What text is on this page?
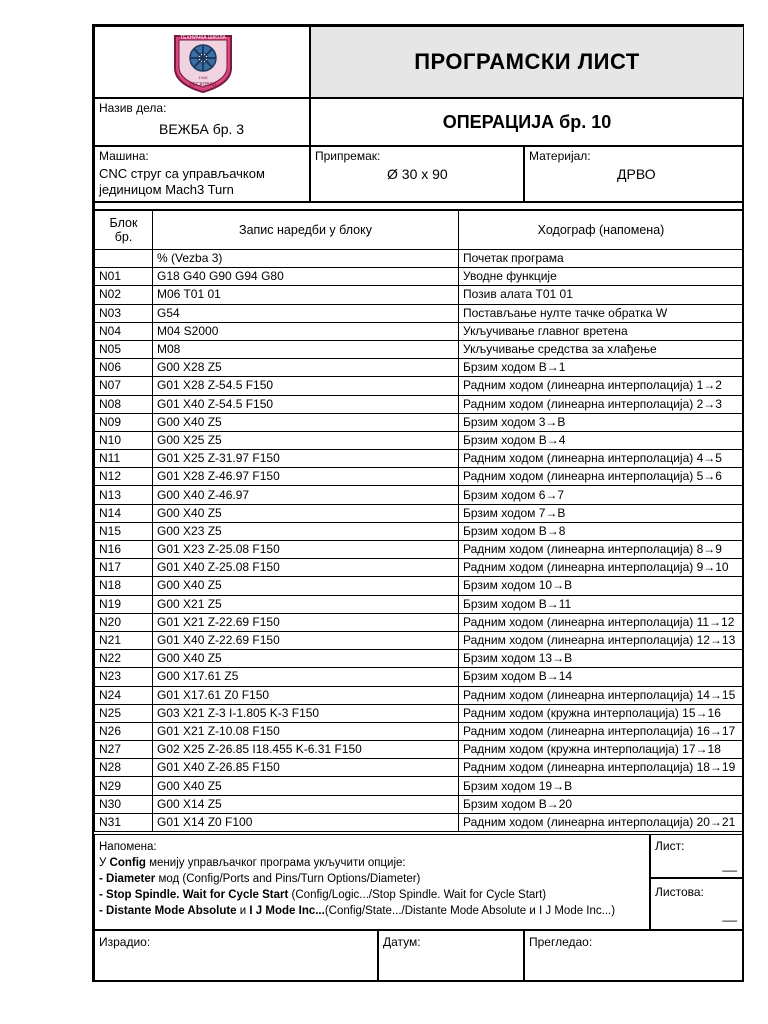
ТЕХНИЧКА ШКОЛА
1946
ЛЕСКОВАЦ
ПРОГРАМСКИ ЛИСТ
Назив дела:
ВЕЖБА бр. 3	ОПЕРАЦИЈА бр. 10
Машина:
CNC струг са управљачком
јединицом Mach3 Turn
Припремак:
Ø 30 x 90
Материјал:
ДРВО
Блок
бр.	Запис наредби у блоку	Ходограф (напомена)
	% (Vezba 3)	Почетак програма
N01	G18 G40 G90 G94 G80	Уводне функције
N02	M06 T01 01	Позив алата T01 01
N03	G54	Постављање нулте тачке обратка W
N04	M04 S2000	Укључивање главног вретена
N05	M08	Укључивање средства за хлађење
N06	G00 X28 Z5	Брзим ходом B→1
N07	G01 X28 Z-54.5 F150	Радним ходом (линеарна интерполација) 1→2
N08	G01 X40 Z-54.5 F150	Радним ходом (линеарна интерполација) 2→3
N09	G00 X40 Z5	Брзим ходом 3→B
N10	G00 X25 Z5	Брзим ходом B→4
N11	G01 X25 Z-31.97 F150	Радним ходом (линеарна интерполација) 4→5
N12	G01 X28 Z-46.97 F150	Радним ходом (линеарна интерполација) 5→6
N13	G00 X40 Z-46.97	Брзим ходом 6→7
N14	G00 X40 Z5	Брзим ходом 7→B
N15	G00 X23 Z5	Брзим ходом B→8
N16	G01 X23 Z-25.08 F150	Радним ходом (линеарна интерполација) 8→9
N17	G01 X40 Z-25.08 F150	Радним ходом (линеарна интерполација) 9→10
N18	G00 X40 Z5	Брзим ходом 10→B
N19	G00 X21 Z5	Брзим ходом B→11
N20	G01 X21 Z-22.69 F150	Радним ходом (линеарна интерполација) 11→12
N21	G01 X40 Z-22.69 F150	Радним ходом (линеарна интерполација) 12→13
N22	G00 X40 Z5	Брзим ходом 13→B
N23	G00 X17.61 Z5	Брзим ходом B→14
N24	G01 X17.61 Z0 F150	Радним ходом (линеарна интерполација) 14→15
N25	G03 X21 Z-3 I-1.805 K-3 F150	Радним ходом (кружна интерполација) 15→16
N26	G01 X21 Z-10.08 F150	Радним ходом (линеарна интерполација) 16→17
N27	G02 X25 Z-26.85 I18.455 K-6.31 F150	Радним ходом (кружна интерполација) 17→18
N28	G01 X40 Z-26.85 F150	Радним ходом (линеарна интерполација) 18→19
N29	G00 X40 Z5	Брзим ходом 19→B
N30	G00 X14 Z5	Брзим ходом B→20
N31	G01 X14 Z0 F100	Радним ходом (линеарна интерполација) 20→21
Напомена:
У Config менију управљачког програма укључити опције:
- Diameter мод (Config/Ports and Pins/Turn Options/Diameter)
- Stop Spindle. Wait for Cycle Start (Config/Logic.../Stop Spindle. Wait for Cycle Start)
- Distante Mode Absolute и I J Mode Inc...(Config/State.../Distante Mode Absolute и I J Mode Inc...)
Лист:
__
Листова:
__
Израдио:	Датум:	Прегледао:
